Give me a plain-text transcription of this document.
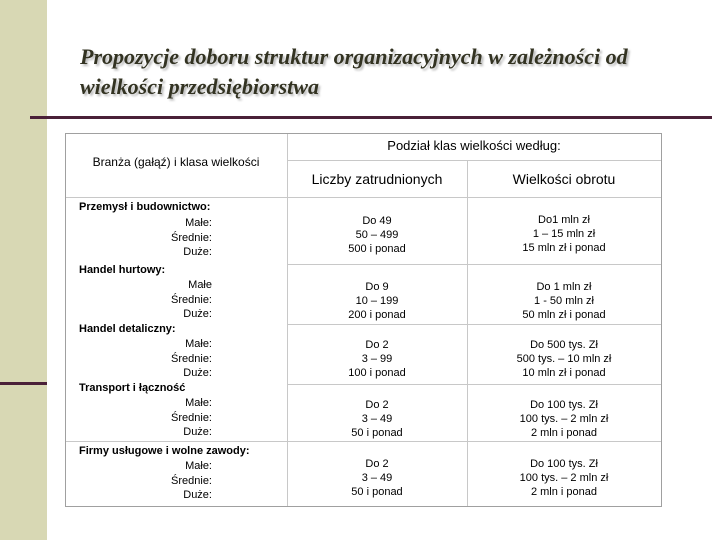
Propozycje doboru struktur organizacyjnych w zależności od wielkości przedsiębiorstwa
Branża (gałąź) i klasa wielkości
Podział klas wielkości według:
Liczby zatrudnionych	Wielkości obrotu
Przemysł i budownictwo:
Małe:
Średnie:
Duże:
Do 49
50 – 499
500 i ponad
Do1 mln zł
1 – 15 mln zł
15 mln zł i ponad
Handel hurtowy:
Małe
Średnie:
Duże:
Do 9
10 – 199
200 i ponad
Do 1 mln zł
1 - 50 mln zł
50 mln zł i ponad
Handel detaliczny:
Małe:
Średnie:
Duże:
Do 2
3 – 99
100 i ponad
Do 500 tys. Zł
500 tys. – 10 mln zł
10 mln zł i ponad
Transport i łączność
Małe:
Średnie:
Duże:
Do 2
3 – 49
50 i ponad
Do 100 tys. Zł
100 tys. – 2 mln zł
2 mln i ponad
Firmy usługowe i wolne zawody:
Małe:
Średnie:
Duże:
Do 2
3 – 49
50 i ponad
Do 100 tys. Zł
100 tys. – 2 mln zł
2 mln i ponad
